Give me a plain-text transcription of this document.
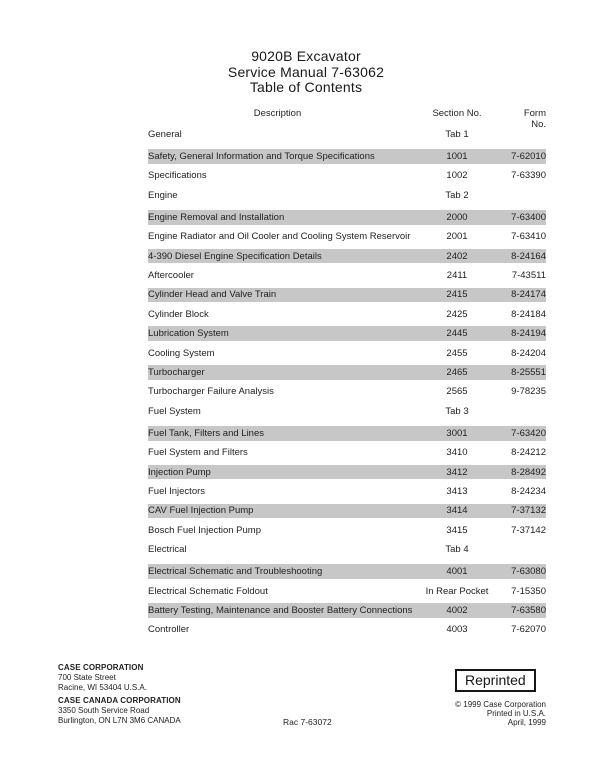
9020B Excavator
Service Manual 7-63062
Table of Contents
Description	Section No.	Form No.
General	Tab 1
Safety, General Information and Torque Specifications	1001	7-62010
Specifications	1002	7-63390
Engine	Tab 2
Engine Removal and Installation	2000	7-63400
Engine Radiator and Oil Cooler and Cooling System Reservoir	2001	7-63410
4-390 Diesel Engine Specification Details	2402	8-24164
Aftercooler	2411	7-43511
Cylinder Head and Valve Train	2415	8-24174
Cylinder Block	2425	8-24184
Lubrication System	2445	8-24194
Cooling System	2455	8-24204
Turbocharger	2465	8-25551
Turbocharger Failure Analysis	2565	9-78235
Fuel System	Tab 3
Fuel Tank, Filters and Lines	3001	7-63420
Fuel System and Filters	3410	8-24212
Injection Pump	3412	8-28492
Fuel Injectors	3413	8-24234
CAV Fuel Injection Pump	3414	7-37132
Bosch Fuel Injection Pump	3415	7-37142
Electrical	Tab 4
Electrical Schematic and Troubleshooting	4001	7-63080
Electrical Schematic Foldout	In Rear Pocket	7-15350
Battery Testing, Maintenance and Booster Battery Connections	4002	7-63580
Controller	4003	7-62070
CASE CORPORATION
700 State Street
Racine, WI 53404 U.S.A.
CASE CANADA CORPORATION
3350 South Service Road
Burlington, ON L7N 3M6 CANADA	Rac 7-63072
Reprinted
© 1999 Case Corporation
Printed in U.S.A.
April, 1999
